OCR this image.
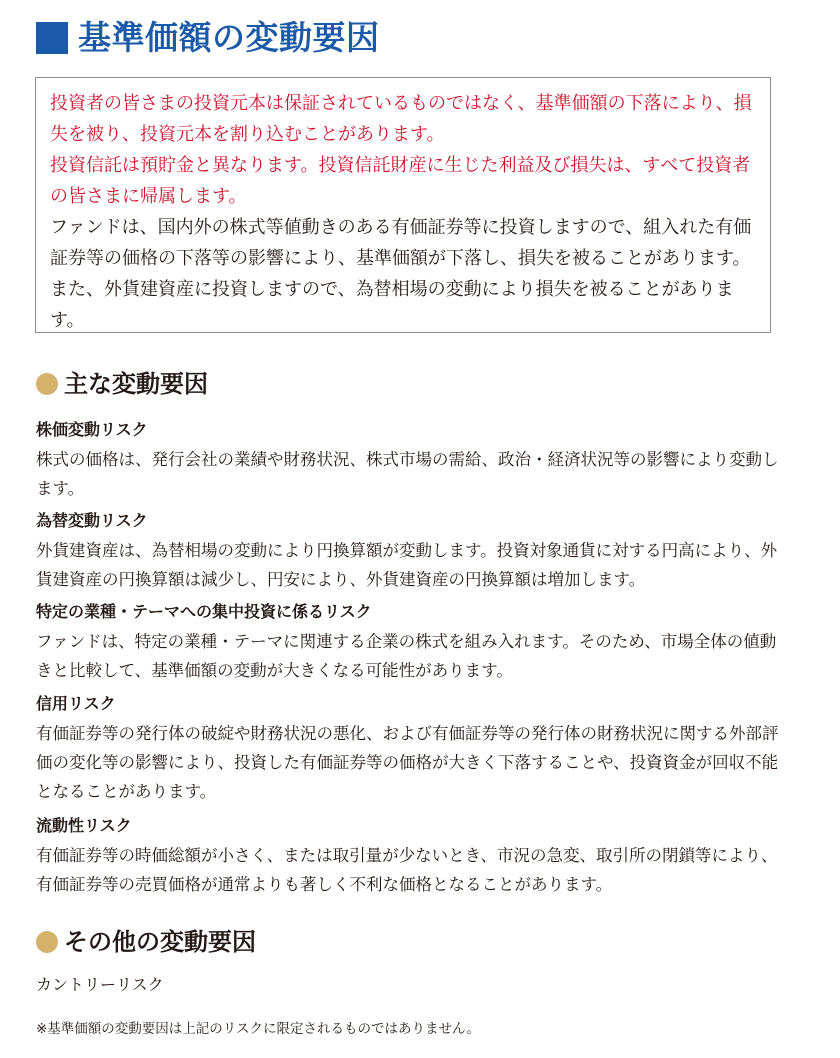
基準価額の変動要因

投資者の皆さまの投資元本は保証されているものではなく、基準価額の下落により、損失を被り、投資元本を割り込むことがあります。

投資信託は預貯金と異なります。投資信託財産に生じた利益及び損失は、すべて投資者の皆さまに帰属します。

ファンドは、国内外の株式等値動きのある有価証券等に投資しますので、組入れた有価証券等の価格の下落等の影響により、基準価額が下落し、損失を被ることがあります。また、外貨建資産に投資しますので、為替相場の変動により損失を被ることがあります。

主な変動要因

株価変動リスク

株式の価格は、発行会社の業績や財務状況、株式市場の需給、政治・経済状況等の影響により変動します。

為替変動リスク

外貨建資産は、為替相場の変動により円換算額が変動します。投資対象通貨に対する円高により、外貨建資産の円換算額は減少し、円安により、外貨建資産の円換算額は増加します。

特定の業種・テーマへの集中投資に係るリスク

ファンドは、特定の業種・テーマに関連する企業の株式を組み入れます。そのため、市場全体の値動きと比較して、基準価額の変動が大きくなる可能性があります。

信用リスク

有価証券等の発行体の破綻や財務状況の悪化、および有価証券等の発行体の財務状況に関する外部評価の変化等の影響により、投資した有価証券等の価格が大きく下落することや、投資資金が回収不能となることがあります。

流動性リスク

有価証券等の時価総額が小さく、または取引量が少ないとき、市況の急変、取引所の閉鎖等により、有価証券等の売買価格が通常よりも著しく不利な価格となることがあります。

その他の変動要因
カントリーリスク
※基準価額の変動要因は上記のリスクに限定されるものではありません。
